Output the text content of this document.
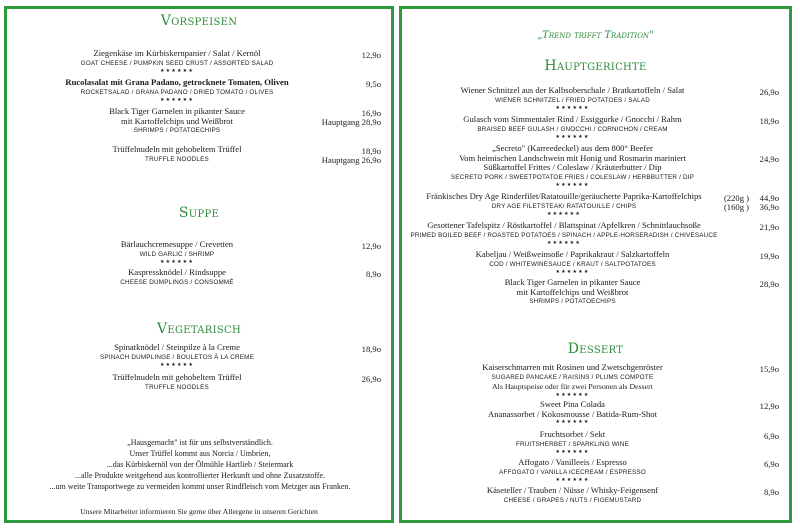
Vorspeisen
Ziegenkäse im Kürbiskernpanier / Salat / Kernöl
GOAT CHEESE / PUMPKIN SEED CRUST / ASSORTED SALAD
★★★★★★
12,9o
Rucolasalat mit Grana Padano, getrocknete Tomaten, Oliven
ROCKETSALAD / GRANA PADANO / DRIED TOMATO / OLIVES
★★★★★★
9,5o
Black Tiger Garnelen in pikanter Sauce
mit Kartoffelchips und Weißbrot
SHRIMPS / POTATOECHIPS
16,9o
Hauptgang 28,9o
Trüffelnudeln mit gehobeltem Trüffel
TRUFFLE NOODLES
18,9o
Hauptgang 26,9o
Suppe
Bärlauchcremesuppe / Crevetten
WILD GARLIC / SHRIMP
★★★★★★
12,9o
Kaspressknödel / Rindsuppe
CHEESE DUMPLINGS / CONSOMMÉ
8,9o
Vegetarisch
Spinatknödel / Steinpilze à la Creme
SPINACH DUMPLINGE / BOULETOS À LA CREME
★★★★★★
18,9o
Trüffelnudeln mit gehobeltem Trüffel
TRUFFLE NOODLES
26,9o
„Hausgemacht" ist für uns selbstverständlich.
Unser Trüffel kommt aus Norcia / Umbrien,
...das Kürbiskernöl von der Ölmühle Hartlieb / Steiermark
...alle Produkte weitgehend aus kontrollierter Herkunft und ohne Zusatzstoffe.
...um weite Transportwege zu vermeiden kommt unser Rindfleisch vom Metzger aus Franken.
Unsere Mitarbeiter informieren Sie gerne über Allergene in unseren Gerichten
„Trend trifft Tradition"
Hauptgerichte
Wiener Schnitzel aus der Kalbsoberschale / Bratkartoffeln / Salat
WIENER SCHNITZEL / FRIED POTATOES / SALAD
★★★★★★
26,9o
Gulasch vom Simmentaler Rind / Essiggurke / Gnocchi / Rahm
BRAISED BEEF GULASH / GNOCCHI / CORNICHON / CREAM
★★★★★★
18,9o
„Secreto" (Karreedeckel) aus dem 800° Beefer
Vom heimischen Landschwein mit Honig und Rosmarin mariniert
Süßkartoffel Frittes / Coleslaw / Kräuterbutter / Dip
SECRETO PORK / SWEETPOTATOE FRIES / COLESLAW / HERBBUTTER / DIP
★★★★★★
24,9o
Fränkisches Dry Age Rinderfilet/Ratatouille/geräucherte Paprika-Kartoffelchips
DRY AGE FILETSTEAK/ RATATOUILLE / CHIPS
★★★★★★
(220g ) 44,9o
(160g ) 36,9o
Gesottener Tafelspitz / Röstkartoffel / Blattspinat /Apfelkren / Schnittlauchsoße
PRIMED BOILED BEEF / ROASTED POTATOES / SPINACH / APPLE-HORSERADISH / CHIVESAUCE
★★★★★★
21,9o
Kabeljau / Weißweinsoße / Paprikakraut / Salzkartoffeln
COD / WHITEWINESAUCE / KRAUT / SALTPOTATOES
★★★★★★
19,9o
Black Tiger Garnelen in pikanter Sauce
mit Kartoffelchips und Weißbrot
SHRIMPS / POTATOECHIPS
28,9o
Dessert
Kaiserschmarren mit Rosinen und Zwetschgenröster
SUGARED PANCAKE / RAISINS / PLUMS COMPOTE
Als Hauptspeise oder für zwei Personen als Dessert
★★★★★★
15,9o
Sweet Pina Colada
Ananassorbet / Kokosmousse / Batida-Rum-Shot
★★★★★★
12,9o
Fruchtsorbet / Sekt
FRUITSHERBET / SPARKLING WINE
★★★★★★
6,9o
Affogato / Vanilleeis / Espresso
AFFOGATO / VANILLA ICECREAM / ESPRESSO
★★★★★★
6,9o
Käseteller / Trauben / Nüsse / Whisky-Feigensenf
CHEESE / GRAPES / NUTS / FIGEMUSTARD
8,9o
